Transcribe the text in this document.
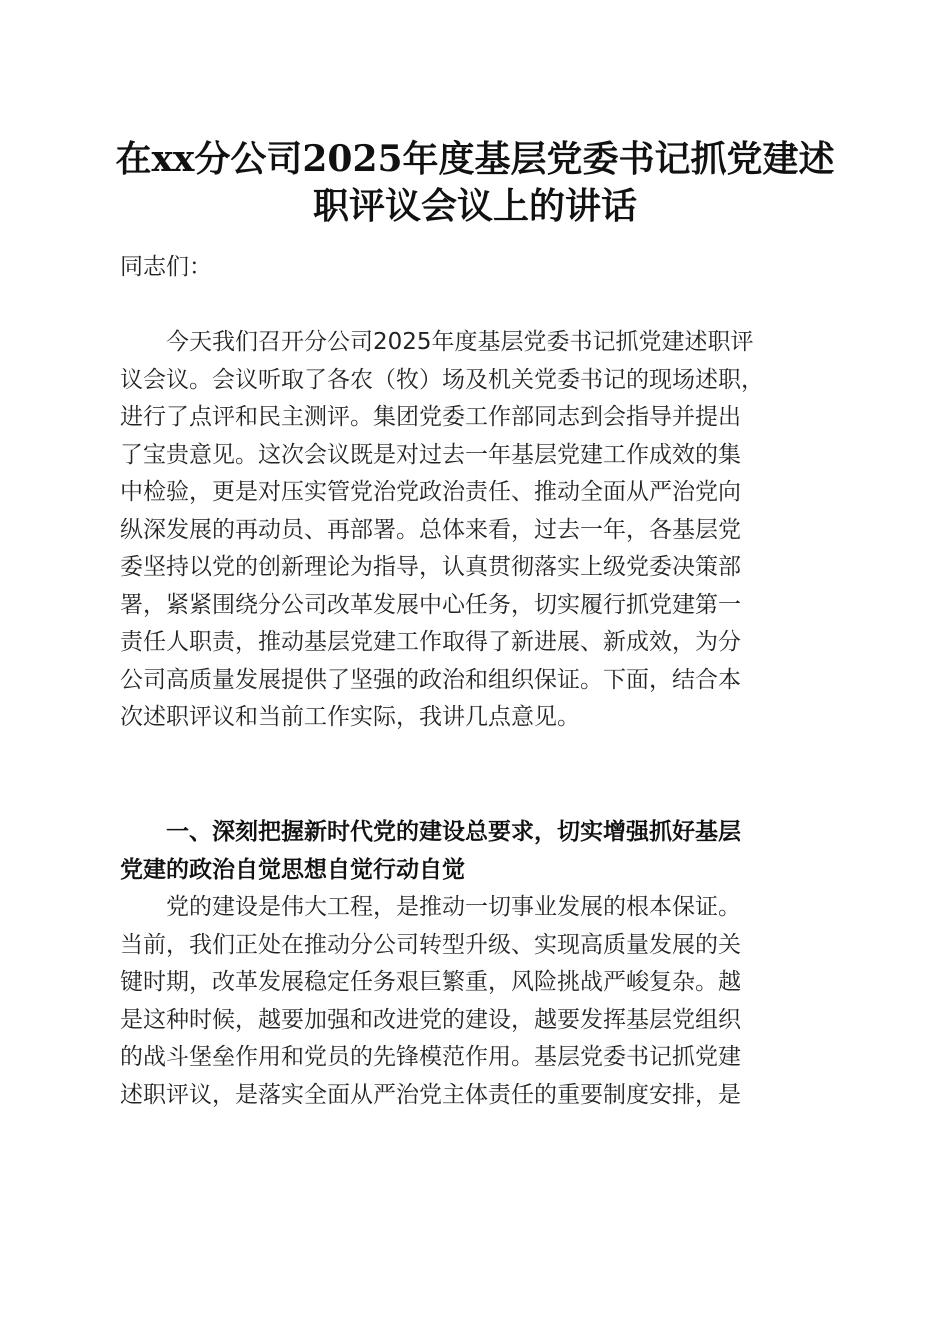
在xx分公司2025年度基层党委书记抓党建述
职评议会议上的讲话

同志们：

今天我们召开分公司2025年度基层党委书记抓党建述职评
议会议。会议听取了各农（牧）场及机关党委书记的现场述职，
进行了点评和民主测评。集团党委工作部同志到会指导并提出
了宝贵意见。这次会议既是对过去一年基层党建工作成效的集
中检验，更是对压实管党治党政治责任、推动全面从严治党向
纵深发展的再动员、再部署。总体来看，过去一年，各基层党
委坚持以党的创新理论为指导，认真贯彻落实上级党委决策部
署，紧紧围绕分公司改革发展中心任务，切实履行抓党建第一
责任人职责，推动基层党建工作取得了新进展、新成效，为分
公司高质量发展提供了坚强的政治和组织保证。下面，结合本
次述职评议和当前工作实际，我讲几点意见。
一、深刻把握新时代党的建设总要求，切实增强抓好基层
党建的政治自觉思想自觉行动自觉
党的建设是伟大工程，是推动一切事业发展的根本保证。
当前，我们正处在推动分公司转型升级、实现高质量发展的关
键时期，改革发展稳定任务艰巨繁重，风险挑战严峻复杂。越
是这种时候，越要加强和改进党的建设，越要发挥基层党组织
的战斗堡垒作用和党员的先锋模范作用。基层党委书记抓党建
述职评议，是落实全面从严治党主体责任的重要制度安排，是
